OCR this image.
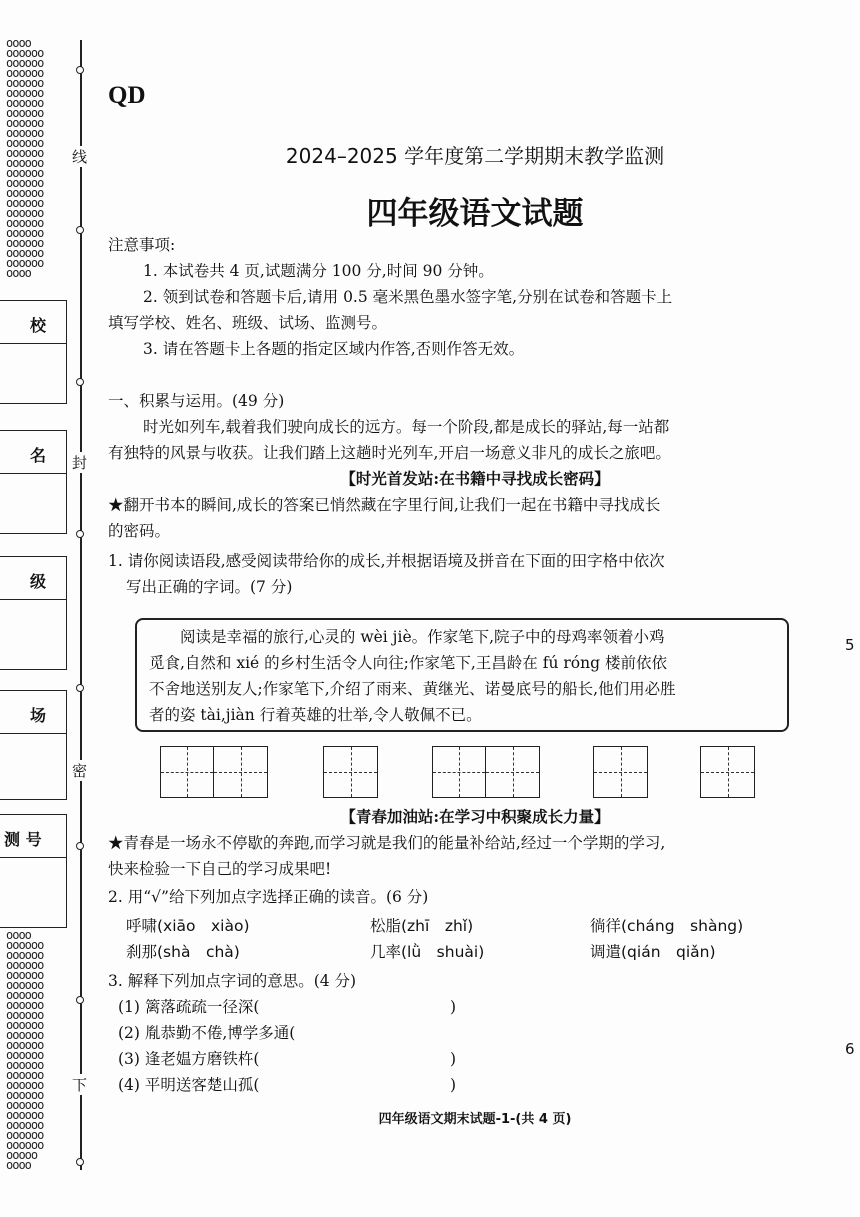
oooo
oooooo
oooooo
oooooo
oooooo
oooooo
oooooo
oooooo
oooooo
oooooo
oooooo
oooooo
oooooo
oooooo
oooooo
oooooo
oooooo
oooooo
oooooo
oooooo
oooooo
oooooo
oooooo
oooo
oooo
oooooo
oooooo
oooooo
oooooo
oooooo
oooooo
oooooo
oooooo
oooooo
oooooo
oooooo
oooooo
oooooo
oooooo
oooooo
oooooo
oooooo
oooooo
oooooo
oooooo
oooooo
ooooo
oooo
线
封
密
下
校
名
级
场
测 号
QD
2024–2025 学年度第二学期期末教学监测
四年级语文试题
注意事项:
1. 本试卷共 4 页,试题满分 100 分,时间 90 分钟。
2. 领到试卷和答题卡后,请用 0.5 毫米黑色墨水签字笔,分别在试卷和答题卡上
填写学校、姓名、班级、试场、监测号。
3. 请在答题卡上各题的指定区域内作答,否则作答无效。
一、积累与运用。(49 分)
时光如列车,载着我们驶向成长的远方。每一个阶段,都是成长的驿站,每一站都
有独特的风景与收获。让我们踏上这趟时光列车,开启一场意义非凡的成长之旅吧。
【时光首发站:在书籍中寻找成长密码】
★翻开书本的瞬间,成长的答案已悄然藏在字里行间,让我们一起在书籍中寻找成长
的密码。
1. 请你阅读语段,感受阅读带给你的成长,并根据语境及拼音在下面的田字格中依次
写出正确的字词。(7 分)

阅读是幸福的旅行,心灵的 wèi jiè。作家笔下,院子中的母鸡率领着小鸡

觅食,自然和 xié 的乡村生活令人向往;作家笔下,王昌龄在 fú róng 楼前依依

不舍地送别友人;作家笔下,介绍了雨来、黄继光、诺曼底号的船长,他们用必胜

者的姿 tài,jiàn 行着英雄的壮举,令人敬佩不已。

【青春加油站:在学习中积聚成长力量】
★青春是一场永不停歇的奔跑,而学习就是我们的能量补给站,经过一个学期的学习,
快来检验一下自己的学习成果吧!
2. 用“√”给下列加点字选择正确的读音。(6 分)
呼啸(xiāo　xiào)	松脂(zhī　zhǐ)	徜徉(cháng　shàng)
刹那(shà　chà)	几率(lǜ　shuài)	调遣(qián　qiǎn)
3. 解释下列加点字词的意思。(4 分)
(1) 篱落疏疏一径深(	)
(2) 胤恭勤不倦,博学多通(
(3) 逢老媪方磨铁杵(	)
(4) 平明送客楚山孤(	)
四年级语文期末试题-1-(共 4 页)
5
6
